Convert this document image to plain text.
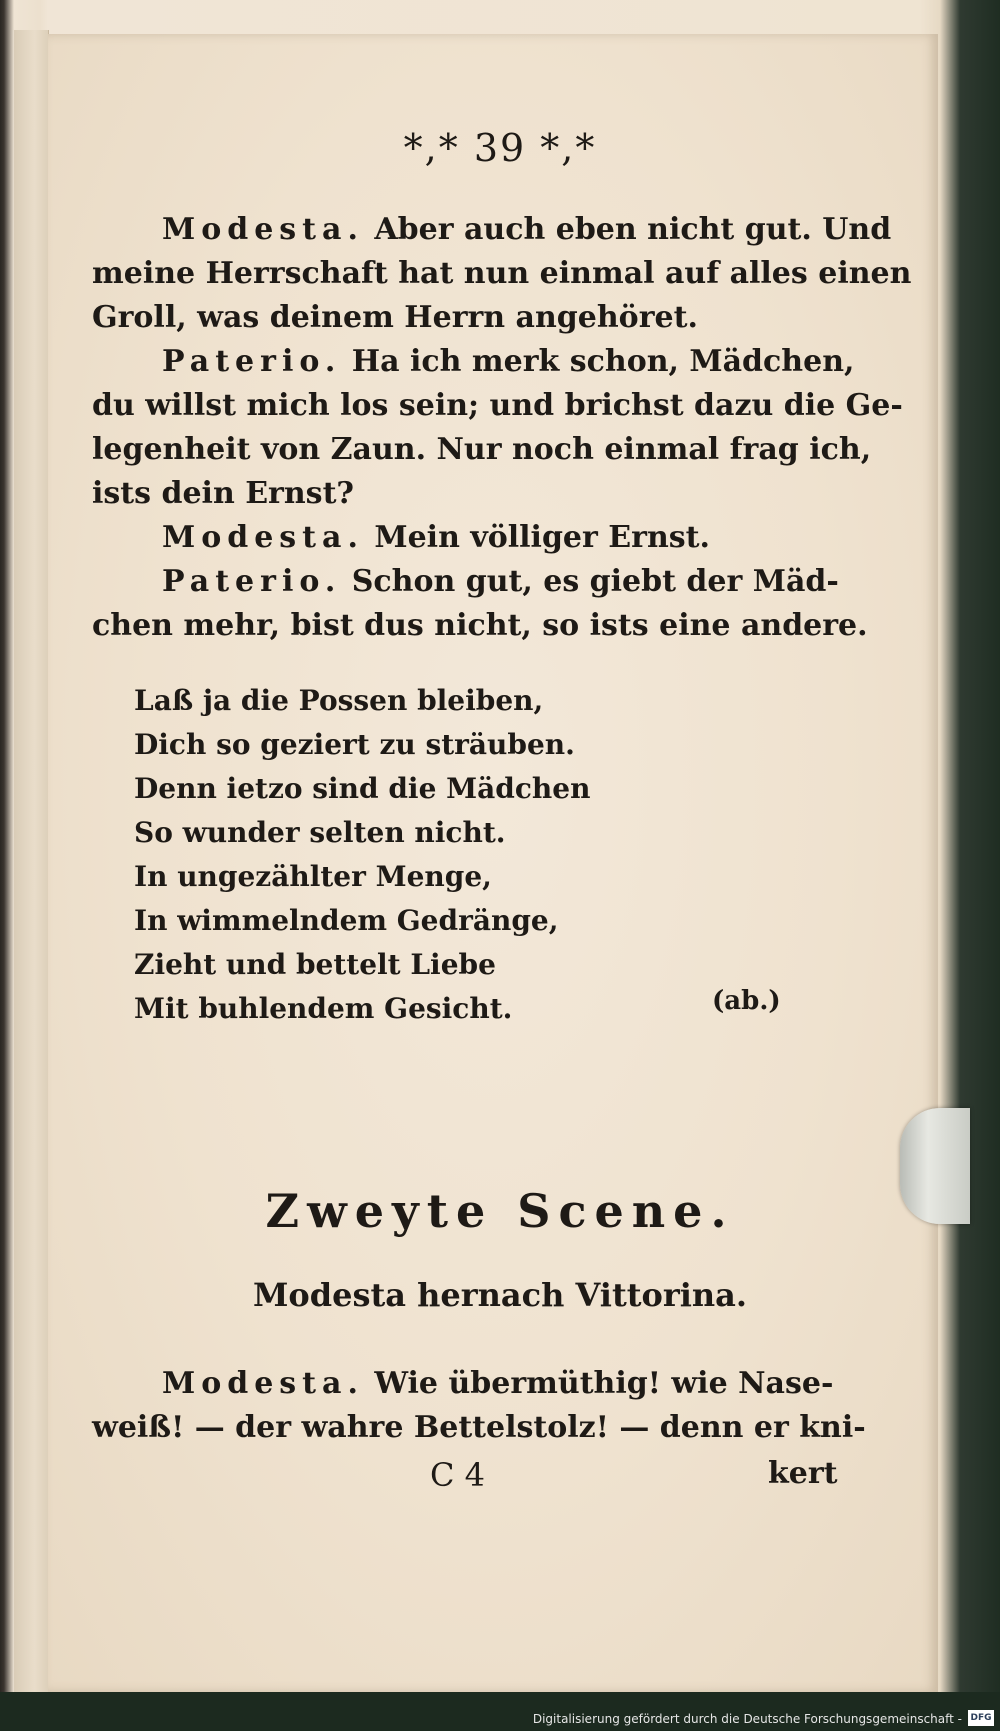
*,* 39 *,*
Modesta. Aber auch eben nicht gut. Und
meine Herrschaft hat nun einmal auf alles einen
Groll, was deinem Herrn angehöret.
Paterio. Ha ich merk schon, Mädchen,
du willst mich los sein; und brichst dazu die Ge-
legenheit von Zaun. Nur noch einmal frag ich,
ists dein Ernst?
Modesta. Mein völliger Ernst.
Paterio. Schon gut, es giebt der Mäd-
chen mehr, bist dus nicht, so ists eine andere.
Laß ja die Possen bleiben,
Dich so geziert zu sträuben.
Denn ietzo sind die Mädchen
So wunder selten nicht.
In ungezählter Menge,
In wimmelndem Gedränge,
Zieht und bettelt Liebe
Mit buhlendem Gesicht.	(ab.)
Zweyte Scene.
Modesta hernach Vittorina.
Modesta. Wie übermüthig! wie Nase-
weiß! — der wahre Bettelstolz! — denn er kni-
C 4	kert
Digitalisierung gefördert durch die Deutsche Forschungsgemeinschaft - DFG
